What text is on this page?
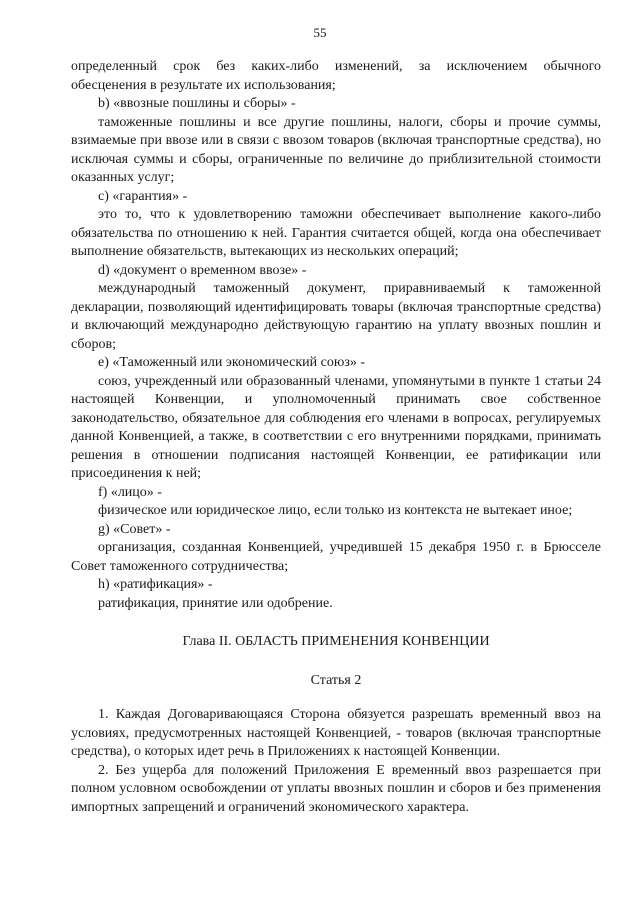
55

определенный срок без каких-либо изменений, за исключением обычного

обесценения в результате их использования;

b) «ввозные пошлины и сборы» -

таможенные пошлины и все другие пошлины, налоги, сборы и прочие суммы, взимаемые при ввозе или в связи с ввозом товаров (включая транспортные средства), но исключая суммы и сборы, ограниченные по величине до приблизительной стоимости оказанных услуг;

c) «гарантия» -

это то, что к удовлетворению таможни обеспечивает выполнение какого-либо обязательства по отношению к ней. Гарантия считается общей, когда она обеспечивает выполнение обязательств, вытекающих из нескольких операций;

d) «документ о временном ввозе» -

международный таможенный документ, приравниваемый к таможенной декларации, позволяющий идентифицировать товары (включая транспортные средства) и включающий международно действующую гарантию на уплату ввозных пошлин и сборов;

e) «Таможенный или экономический союз» -

союз, учрежденный или образованный членами, упомянутыми в пункте 1 статьи 24 настоящей Конвенции, и уполномоченный принимать свое собственное законодательство, обязательное для соблюдения его членами в вопросах, регулируемых данной Конвенцией, а также, в соответствии с его внутренними порядками, принимать решения в отношении подписания настоящей Конвенции, ее ратификации или присоединения к ней;

f) «лицо» -

физическое или юридическое лицо, если только из контекста не вытекает иное;

g) «Совет» -

организация, созданная Конвенцией, учредившей 15 декабря 1950 г. в Брюсселе Совет таможенного сотрудничества;

h) «ратификация» -

ратификация, принятие или одобрение.

Глава II. ОБЛАСТЬ ПРИМЕНЕНИЯ КОНВЕНЦИИ

Статья 2

1. Каждая Договаривающаяся Сторона обязуется разрешать временный ввоз на условиях, предусмотренных настоящей Конвенцией, - товаров (включая транспортные средства), о которых идет речь в Приложениях к настоящей Конвенции.

2. Без ущерба для положений Приложения E временный ввоз разрешается при полном условном освобождении от уплаты ввозных пошлин и сборов и без применения импортных запрещений и ограничений экономического характера.
